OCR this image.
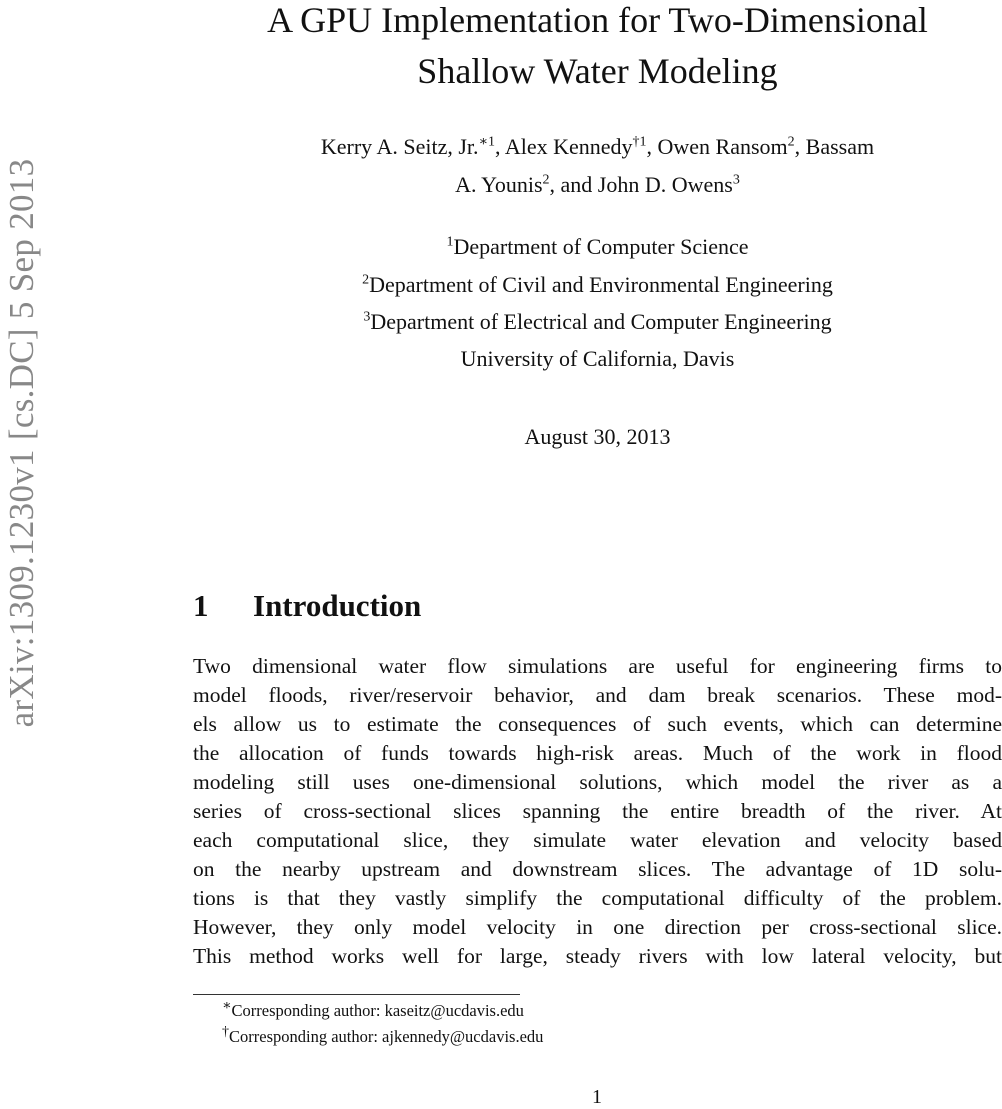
arXiv:1309.1230v1 [cs.DC] 5 Sep 2013
A GPU Implementation for Two-Dimensional
Shallow Water Modeling
Kerry A. Seitz, Jr.$^{∗1}$, Alex Kennedy$^{\dagger 1}$, Owen Ransom$^2$, Bassam
A. Younis$^2$, and John D. Owens$^3$
$^1$Department of Computer Science
$^2$Department of Civil and Environmental Engineering
$^3$Department of Electrical and Computer Engineering
University of California, Davis
August 30, 2013
1 Introduction
Two dimensional water flow simulations are useful for engineering firms to
model floods, river/reservoir behavior, and dam break scenarios. These mod-
els allow us to estimate the consequences of such events, which can determine
the allocation of funds towards high-risk areas. Much of the work in flood
modeling still uses one-dimensional solutions, which model the river as a
series of cross-sectional slices spanning the entire breadth of the river. At
each computational slice, they simulate water elevation and velocity based
on the nearby upstream and downstream slices. The advantage of 1D solu-
tions is that they vastly simplify the computational difficulty of the problem.
However, they only model velocity in one direction per cross-sectional slice.
This method works well for large, steady rivers with low lateral velocity, but
∗Corresponding author: kaseitz@ucdavis.edu
†Corresponding author: ajkennedy@ucdavis.edu
1
